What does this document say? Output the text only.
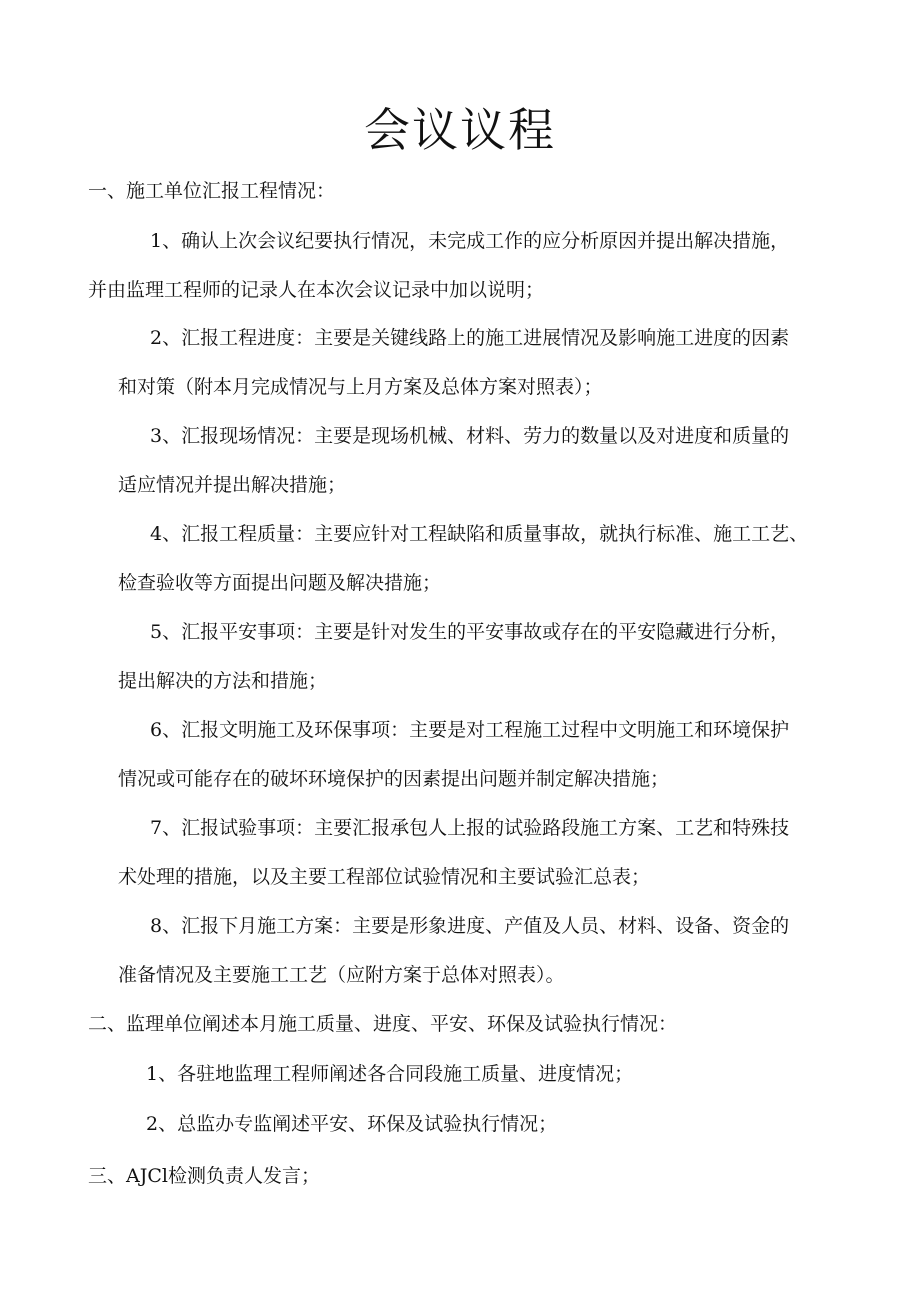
会议议程

一、施工单位汇报工程情况：

1、确认上次会议纪要执行情况，未完成工作的应分析原因并提出解决措施，

并由监理工程师的记录人在本次会议记录中加以说明；

2、汇报工程进度：主要是关键线路上的施工进展情况及影响施工进度的因素

和对策（附本月完成情况与上月方案及总体方案对照表）；

3、汇报现场情况：主要是现场机械、材料、劳力的数量以及对进度和质量的

适应情况并提出解决措施；

4、汇报工程质量：主要应针对工程缺陷和质量事故，就执行标准、施工工艺、

检查验收等方面提出问题及解决措施；

5、汇报平安事项：主要是针对发生的平安事故或存在的平安隐藏进行分析，

提出解决的方法和措施；

6、汇报文明施工及环保事项：主要是对工程施工过程中文明施工和环境保护

情况或可能存在的破坏环境保护的因素提出问题并制定解决措施；

7、汇报试验事项：主要汇报承包人上报的试验路段施工方案、工艺和特殊技

术处理的措施，以及主要工程部位试验情况和主要试验汇总表；

8、汇报下月施工方案：主要是形象进度、产值及人员、材料、设备、资金的

准备情况及主要施工工艺（应附方案于总体对照表）。

二、监理单位阐述本月施工质量、进度、平安、环保及试验执行情况：

1、各驻地监理工程师阐述各合同段施工质量、进度情况；

2、总监办专监阐述平安、环保及试验执行情况；

三、AJCl检测负责人发言；
